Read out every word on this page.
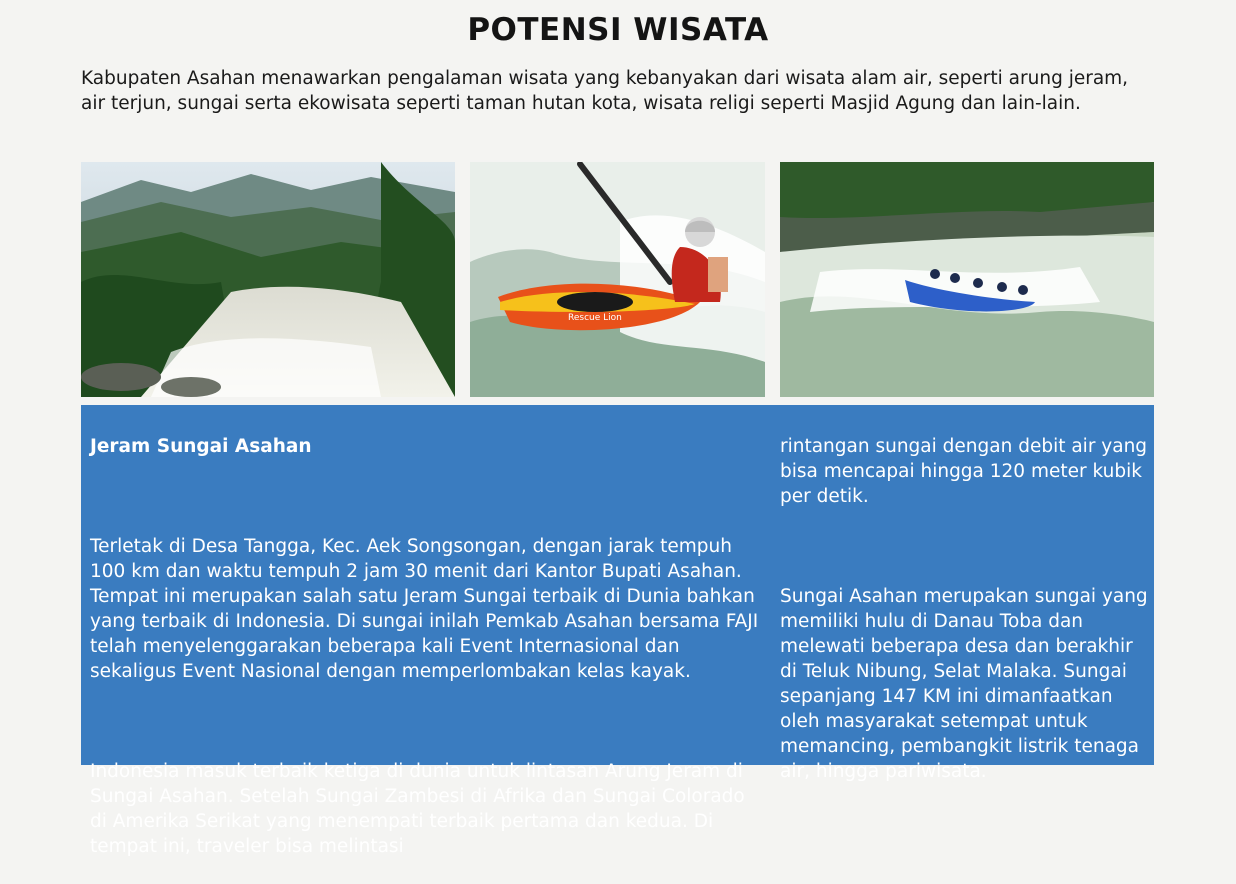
POTENSI WISATA
Kabupaten Asahan menawarkan pengalaman wisata yang kebanyakan dari wisata alam air, seperti arung jeram, air terjun, sungai serta ekowisata seperti taman hutan kota, wisata religi seperti Masjid Agung dan lain-lain.
Rescue Lion

Jeram Sungai Asahan

Terletak di Desa Tangga, Kec. Aek Songsongan, dengan jarak tempuh 100 km dan waktu tempuh 2 jam 30 menit dari Kantor Bupati Asahan. Tempat ini merupakan salah satu Jeram Sungai terbaik di Dunia bahkan yang terbaik di Indonesia. Di sungai inilah Pemkab Asahan bersama FAJI telah menyelenggarakan beberapa kali Event Internasional dan sekaligus Event Nasional dengan memperlombakan kelas kayak.

Indonesia masuk terbaik ketiga di dunia untuk lintasan Arung Jeram di Sungai Asahan. Setelah Sungai Zambesi di Afrika dan Sungai Colorado di Amerika Serikat yang menempati terbaik pertama dan kedua. Di tempat ini, traveler bisa melintasi

rintangan sungai dengan debit air yang bisa mencapai hingga 120 meter kubik per detik.

Sungai Asahan merupakan sungai yang memiliki hulu di Danau Toba dan melewati beberapa desa dan berakhir di Teluk Nibung, Selat Malaka. Sungai sepanjang 147 KM ini dimanfaatkan oleh masyarakat setempat untuk memancing, pembangkit listrik tenaga air, hingga pariwisata.
